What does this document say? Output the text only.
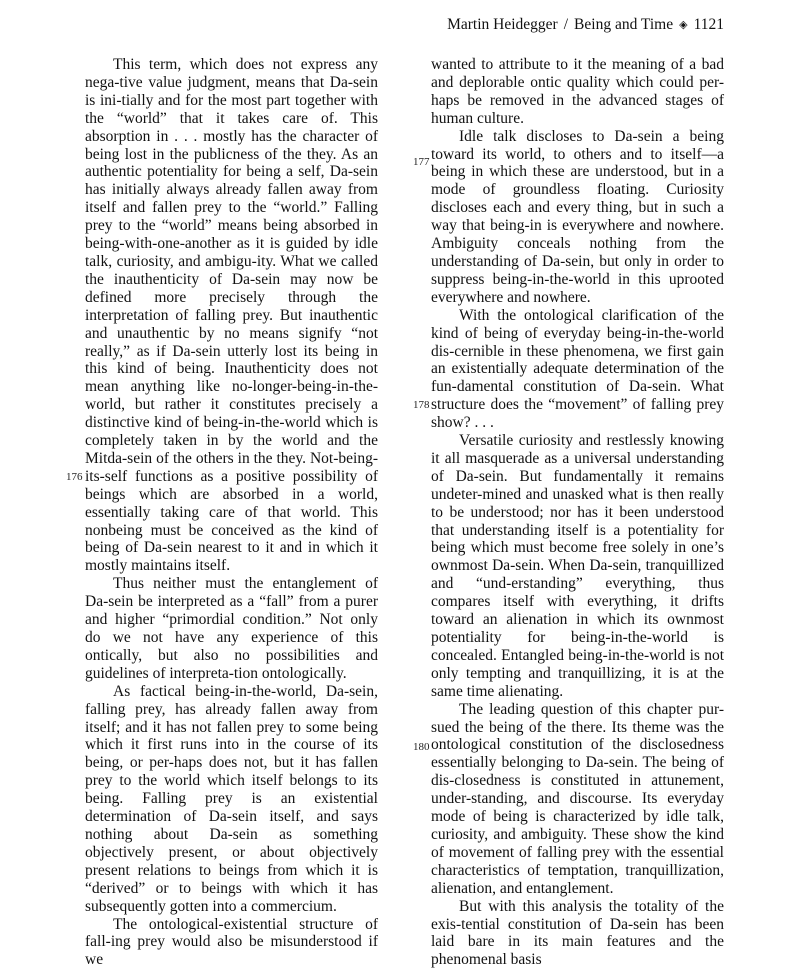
Martin Heidegger / Being and Time ◈ 1121

This term, which does not express any nega-tive value judgment, means that Da-sein is ini-tially and for the most part together with the “world” that it takes care of. This absorption in . . . mostly has the character of being lost in the publicness of the they. As an authentic potentiality for being a self, Da-sein has initially always already fallen away from itself and fallen prey to the “world.” Falling prey to the “world” means being absorbed in being-with-one-another as it is guided by idle talk, curiosity, and ambigu-ity. What we called the inauthenticity of Da-sein may now be defined more precisely through the interpretation of falling prey. But inauthentic and unauthentic by no means signify “not really,” as if Da-sein utterly lost its being in this kind of being. Inauthenticity does not mean anything like no-longer-being-in-the-world, but rather it constitutes precisely a distinctive kind of being-in-the-world which is completely taken in by the world and the Mitda-sein of the others in the they. Not-being-its-self functions as a positive possibility of beings which are absorbed in a world, essentially taking care of that world. This nonbeing must be conceived as the kind of being of Da-sein nearest to it and in which it mostly maintains itself.

Thus neither must the entanglement of Da-sein be interpreted as a “fall” from a purer and higher “primordial condition.” Not only do we not have any experience of this ontically, but also no possibilities and guidelines of interpreta-tion ontologically.

As factical being-in-the-world, Da-sein, falling prey, has already fallen away from itself; and it has not fallen prey to some being which it first runs into in the course of its being, or per-haps does not, but it has fallen prey to the world which itself belongs to its being. Falling prey is an existential determination of Da-sein itself, and says nothing about Da-sein as something objectively present, or about objectively present relations to beings from which it is “derived” or to beings with which it has subsequently gotten into a commercium.

The ontological-existential structure of fall-ing prey would also be misunderstood if we

176

wanted to attribute to it the meaning of a bad and deplorable ontic quality which could per-haps be removed in the advanced stages of human culture.

Idle talk discloses to Da-sein a being toward its world, to others and to itself—a being in which these are understood, but in a mode of groundless floating. Curiosity discloses each and every thing, but in such a way that being-in is everywhere and nowhere. Ambiguity conceals nothing from the understanding of Da-sein, but only in order to suppress being-in-the-world in this uprooted everywhere and nowhere.

With the ontological clarification of the kind of being of everyday being-in-the-world dis-cernible in these phenomena, we first gain an existentially adequate determination of the fun-damental constitution of Da-sein. What structure does the “movement” of falling prey show? . . .

Versatile curiosity and restlessly knowing it all masquerade as a universal understanding of Da-sein. But fundamentally it remains undeter-mined and unasked what is then really to be understood; nor has it been understood that understanding itself is a potentiality for being which must become free solely in one’s ownmost Da-sein. When Da-sein, tranquillized and “und-erstanding” everything, thus compares itself with everything, it drifts toward an alienation in which its ownmost potentiality for being-in-the-world is concealed. Entangled being-in-the-world is not only tempting and tranquillizing, it is at the same time alienating.

The leading question of this chapter pur-sued the being of the there. Its theme was the ontological constitution of the disclosedness essentially belonging to Da-sein. The being of dis-closedness is constituted in attunement, under-standing, and discourse. Its everyday mode of being is characterized by idle talk, curiosity, and ambiguity. These show the kind of movement of falling prey with the essential characteristics of temptation, tranquillization, alienation, and entanglement.

But with this analysis the totality of the exis-tential constitution of Da-sein has been laid bare in its main features and the phenomenal basis

177
178
180
